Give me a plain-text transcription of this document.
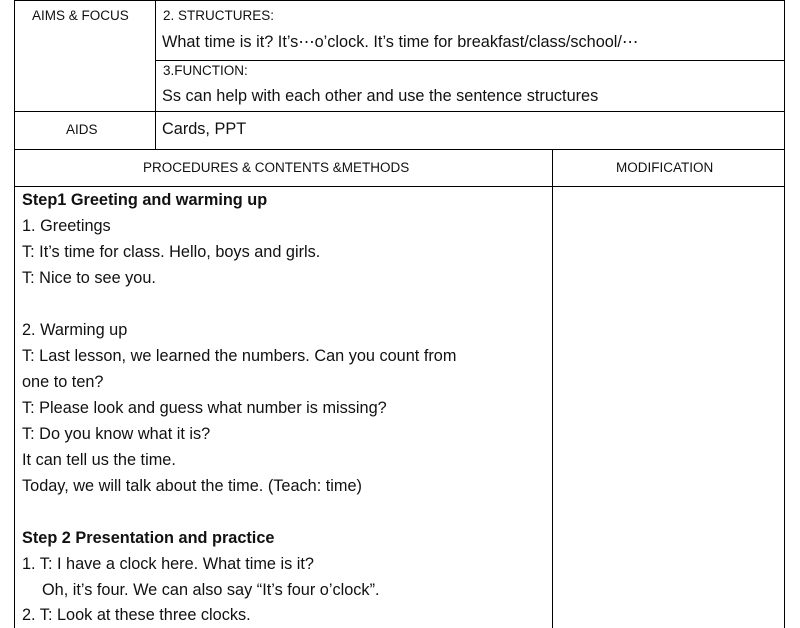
AIMS & FOCUS	2. STRUCTURES:
What time is it? It’s⋯o’clock. It’s time for breakfast/class/school/⋯
3.FUNCTION:
Ss can help with each other and use the sentence structures
AIDS	Cards, PPT
PROCEDURES & CONTENTS &METHODS	MODIFICATION
Step1 Greeting and warming up
1. Greetings
T: It’s time for class. Hello, boys and girls.
T: Nice to see you.
2. Warming up
T: Last lesson, we learned the numbers. Can you count from
one to ten?
T: Please look and guess what number is missing?
T: Do you know what it is?
It can tell us the time.
Today, we will talk about the time. (Teach: time)
Step 2 Presentation and practice
1. T: I have a clock here. What time is it?
Oh, it’s four. We can also say “It’s four o’clock”.
2. T: Look at these three clocks.
